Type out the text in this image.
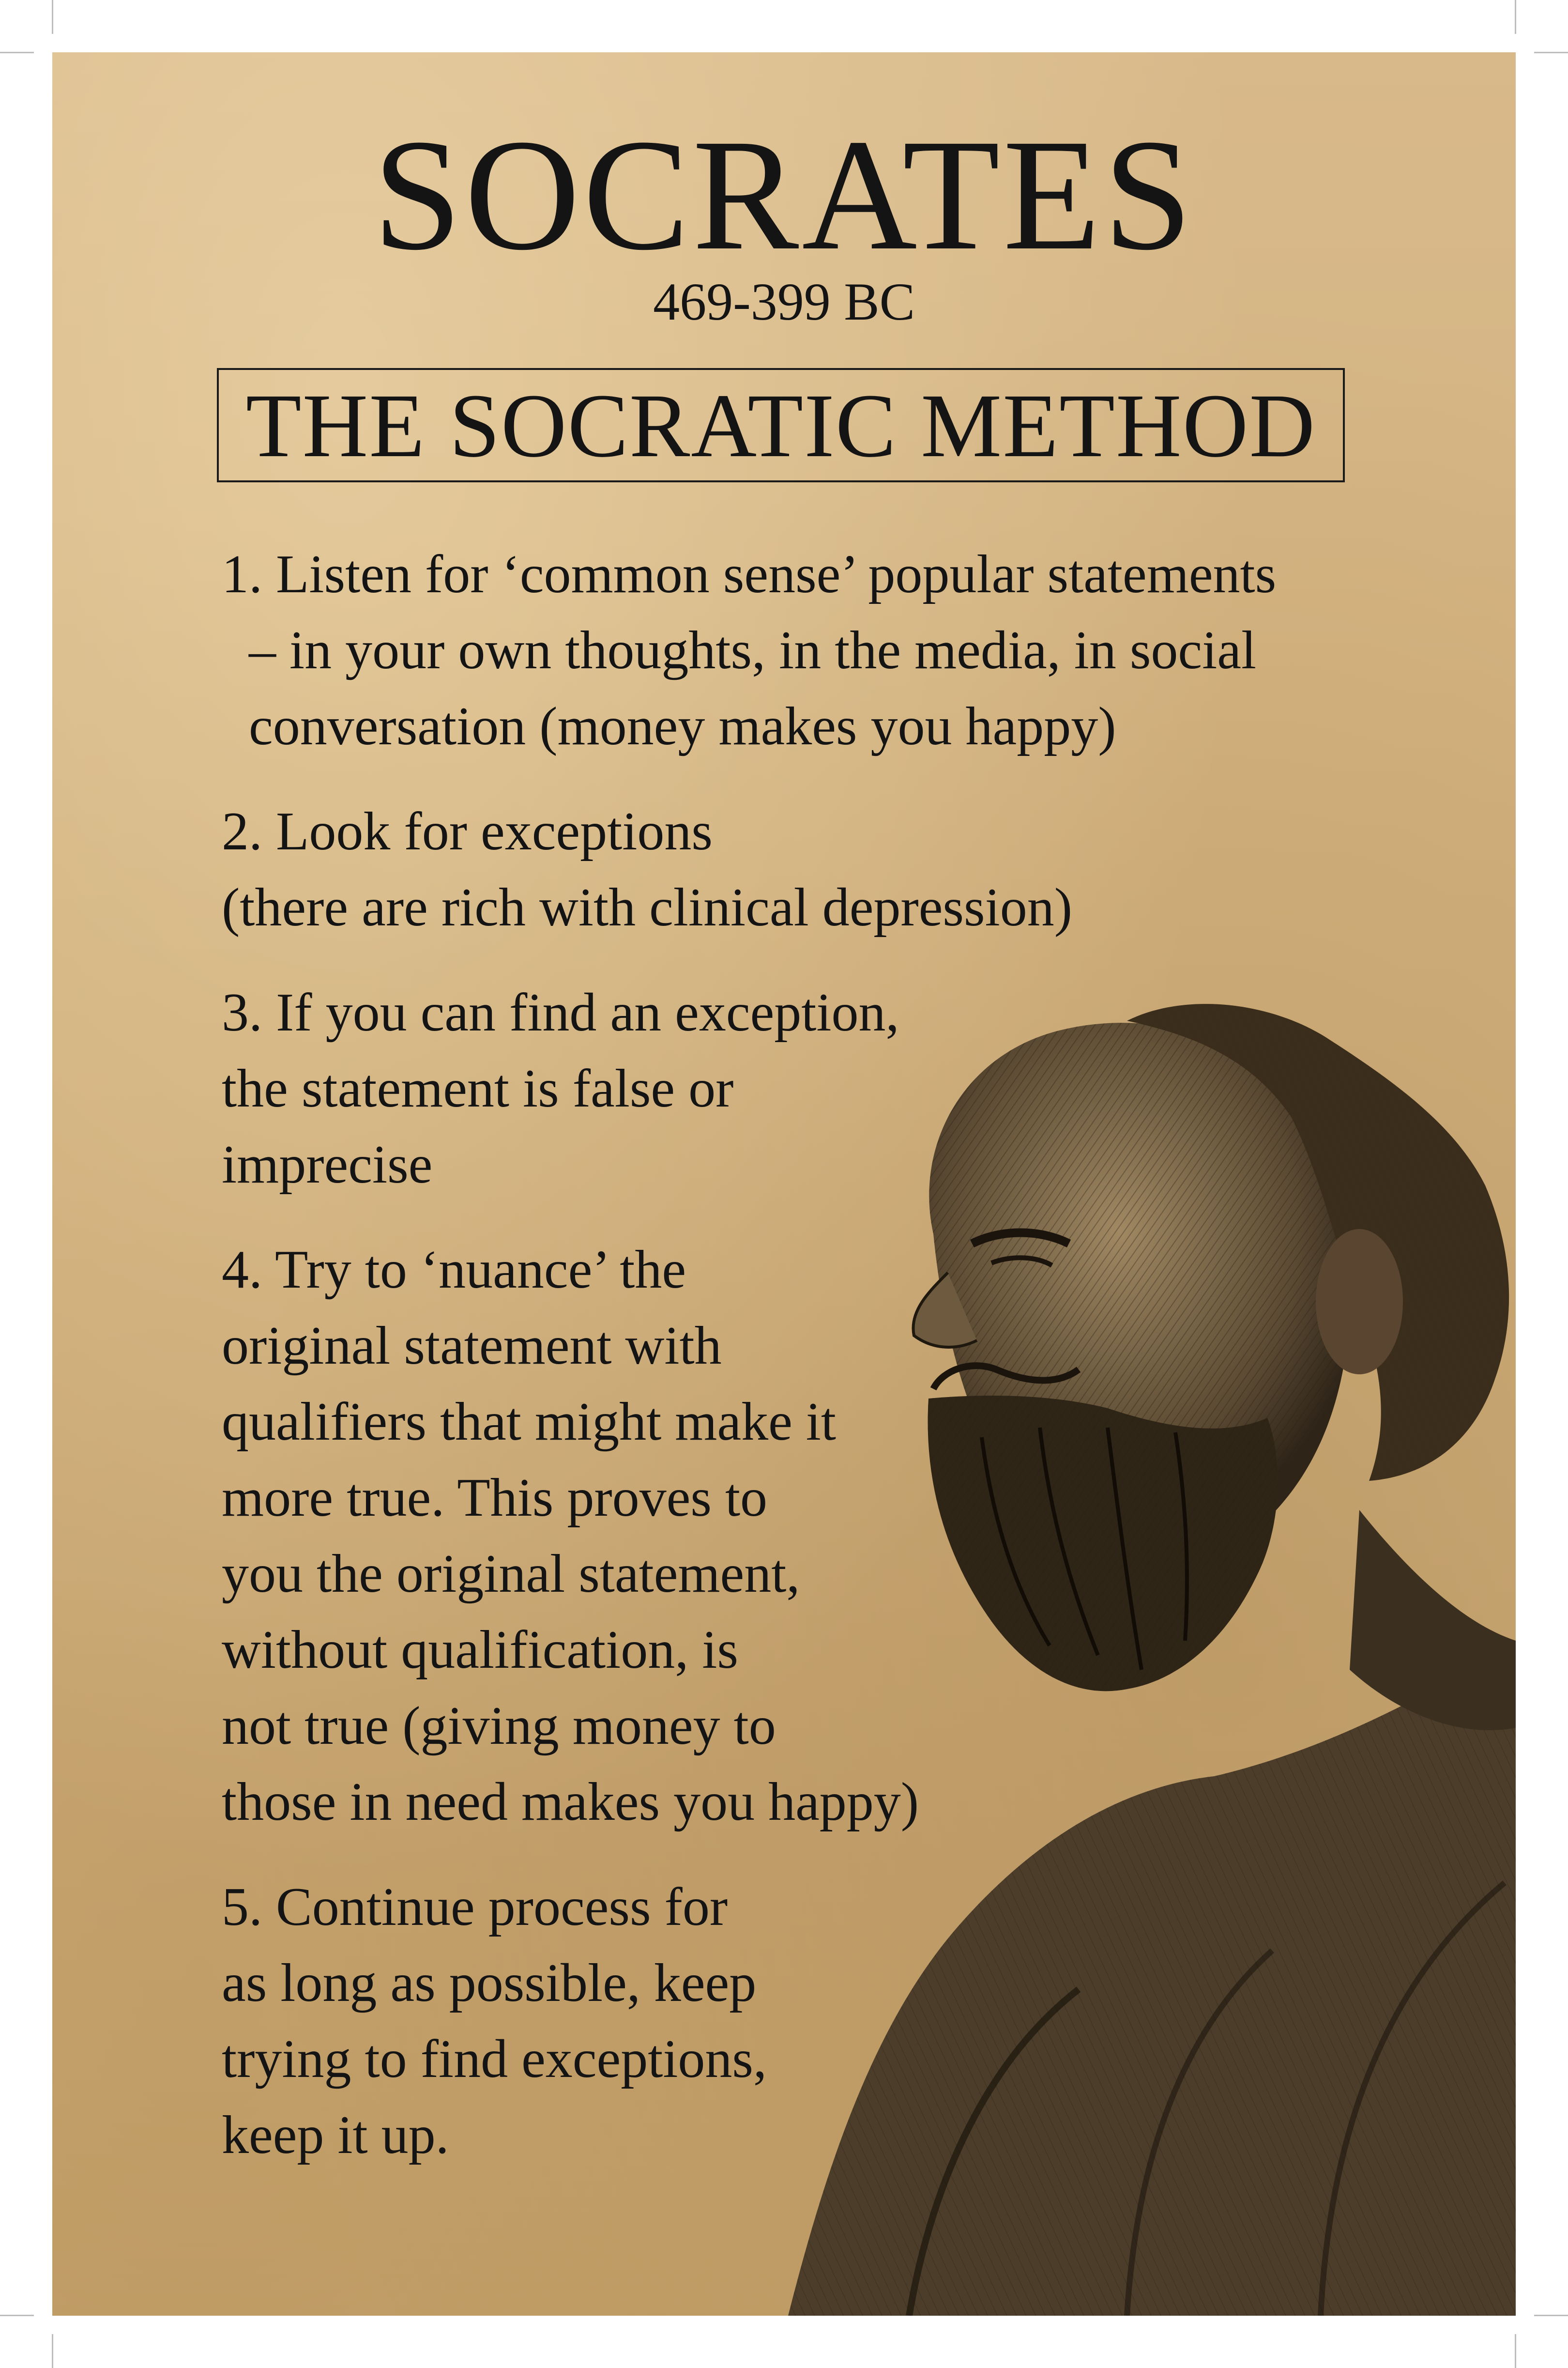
SOCRATES
469-399 BC
THE SOCRATIC METHOD
1. Listen for ‘common sense’ popular statements
– in your own thoughts, in the media, in social
conversation (money makes you happy)
2. Look for exceptions
(there are rich with clinical depression)
3. If you can find an exception,
the statement is false or
imprecise
4. Try to ‘nuance’ the
original statement with
qualifiers that might make it
more true. This proves to
you the original statement,
without qualification, is
not true (giving money to
those in need makes you happy)
5. Continue process for
as long as possible, keep
trying to find exceptions,
keep it up.
